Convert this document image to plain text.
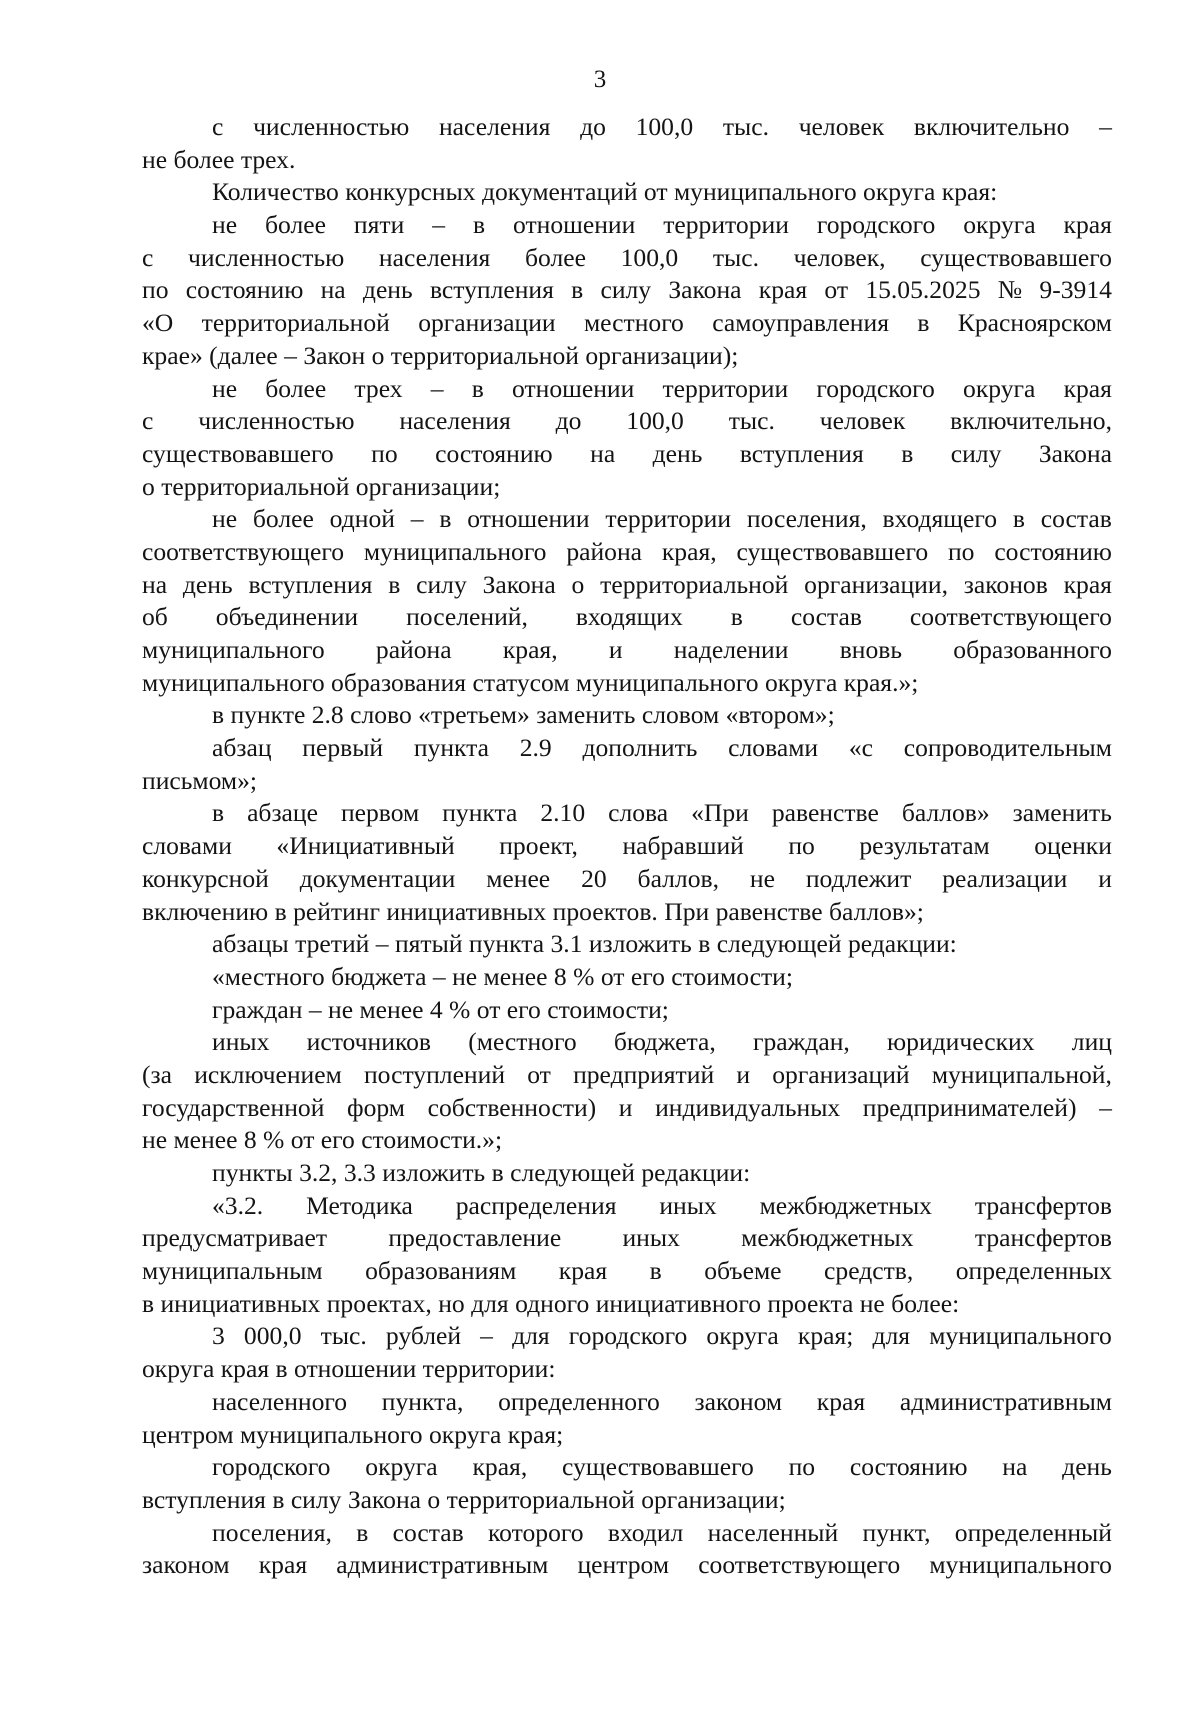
3
с численностью населения до 100,0 тыс. человек включительно –
не более трех.
Количество конкурсных документаций от муниципального округа края:
не более пяти – в отношении территории городского округа края
с численностью населения более 100,0 тыс. человек, существовавшего
по состоянию на день вступления в силу Закона края от 15.05.2025 № 9-3914
«О территориальной организации местного самоуправления в Красноярском
крае» (далее – Закон о территориальной организации);
не более трех – в отношении территории городского округа края
с численностью населения до 100,0 тыс. человек включительно,
существовавшего по состоянию на день вступления в силу Закона
о территориальной организации;
не более одной – в отношении территории поселения, входящего в состав
соответствующего муниципального района края, существовавшего по состоянию
на день вступления в силу Закона о территориальной организации, законов края
об объединении поселений, входящих в состав соответствующего
муниципального района края, и наделении вновь образованного
муниципального образования статусом муниципального округа края.»;
в пункте 2.8 слово «третьем» заменить словом «втором»;
абзац первый пункта 2.9 дополнить словами «с сопроводительным
письмом»;
в абзаце первом пункта 2.10 слова «При равенстве баллов» заменить
словами «Инициативный проект, набравший по результатам оценки
конкурсной документации менее 20 баллов, не подлежит реализации и
включению в рейтинг инициативных проектов. При равенстве баллов»;
абзацы третий – пятый пункта 3.1 изложить в следующей редакции:
«местного бюджета – не менее 8 % от его стоимости;
граждан – не менее 4 % от его стоимости;
иных источников (местного бюджета, граждан, юридических лиц
(за исключением поступлений от предприятий и организаций муниципальной,
государственной форм собственности) и индивидуальных предпринимателей) –
не менее 8 % от его стоимости.»;
пункты 3.2, 3.3 изложить в следующей редакции:
«3.2. Методика распределения иных межбюджетных трансфертов
предусматривает предоставление иных межбюджетных трансфертов
муниципальным образованиям края в объеме средств, определенных
в инициативных проектах, но для одного инициативного проекта не более:
3 000,0 тыс. рублей – для городского округа края; для муниципального
округа края в отношении территории:
населенного пункта, определенного законом края административным
центром муниципального округа края;
городского округа края, существовавшего по состоянию на день
вступления в силу Закона о территориальной организации;
поселения, в состав которого входил населенный пункт, определенный
законом края административным центром соответствующего муниципального
